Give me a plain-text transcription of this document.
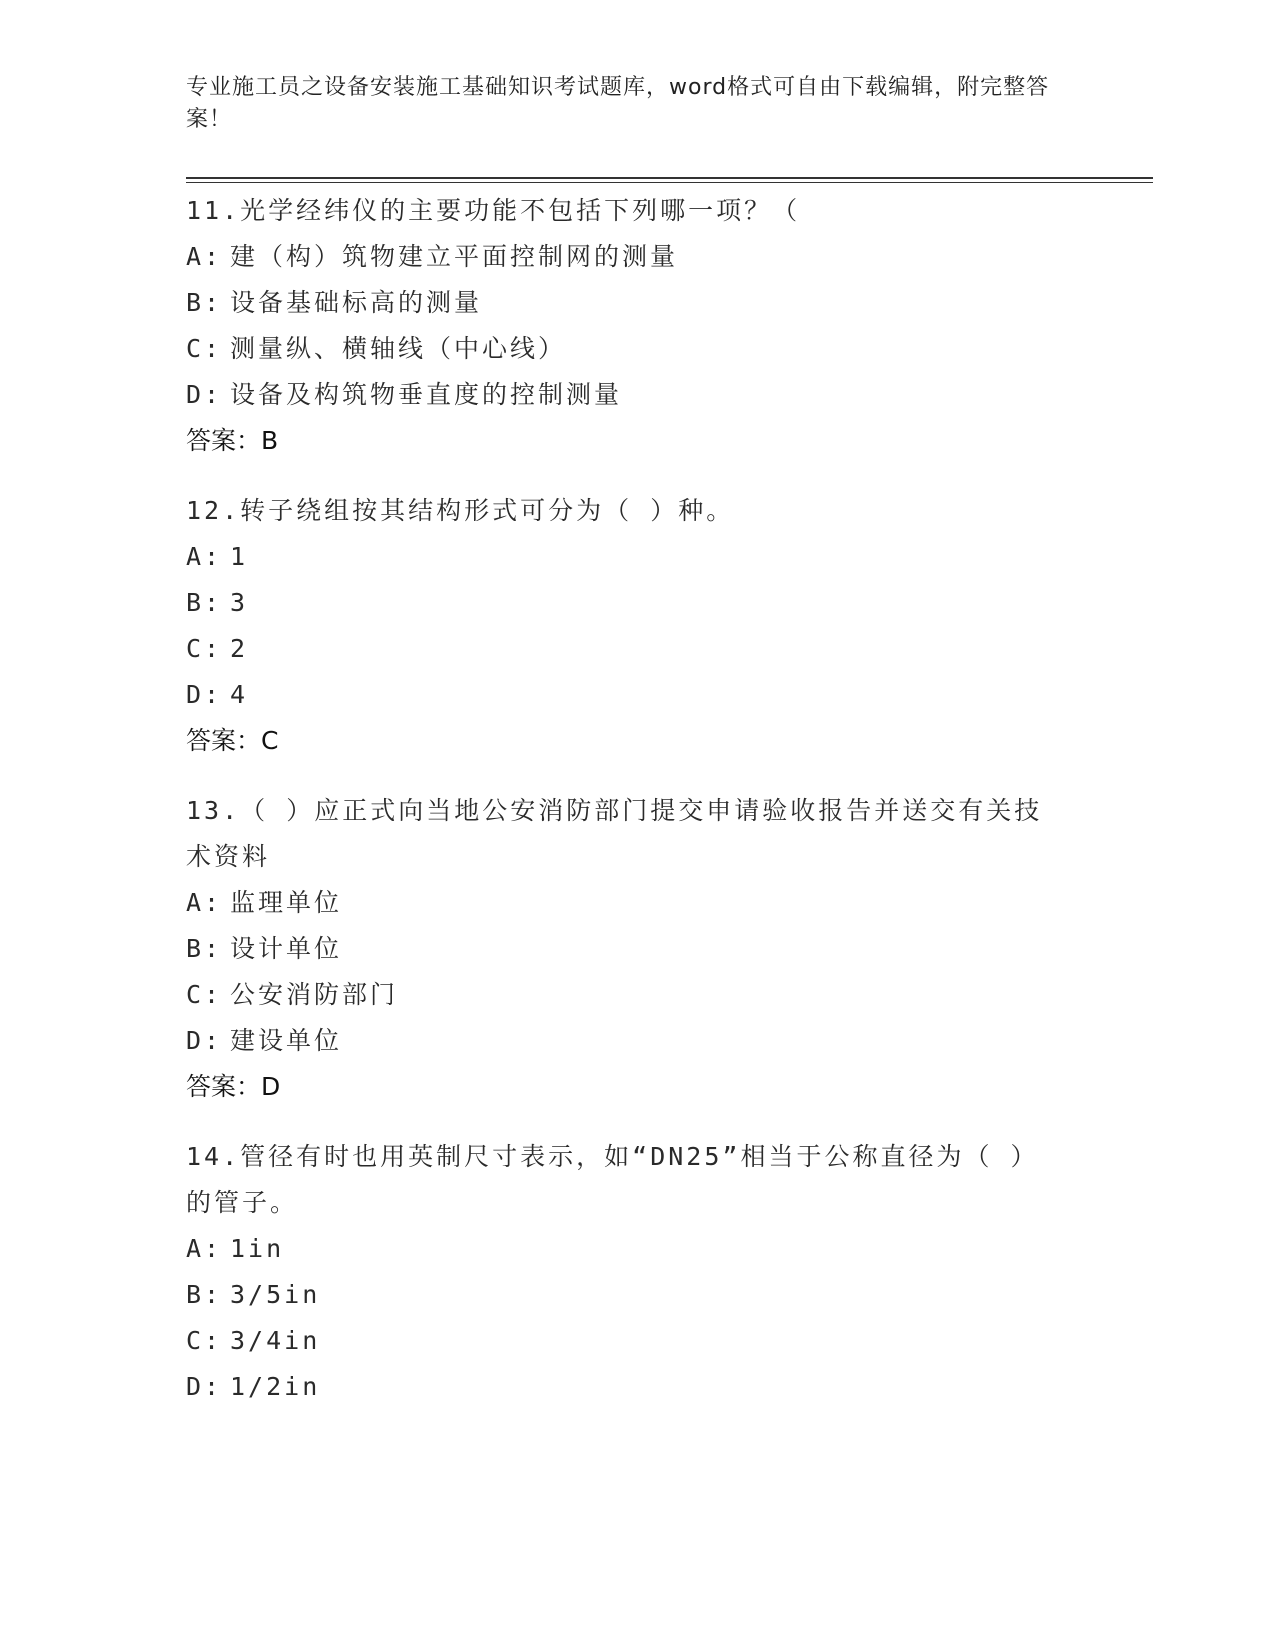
专业施工员之设备安装施工基础知识考试题库，word格式可自由下载编辑，附完整答案！
11.光学经纬仪的主要功能不包括下列哪一项？（
A: 建（构）筑物建立平面控制网的测量
B: 设备基础标高的测量
C: 测量纵、横轴线（中心线）
D: 设备及构筑物垂直度的控制测量
答案：B
12.转子绕组按其结构形式可分为（ ）种。
A: 1
B: 3
C: 2
D: 4
答案：C
13.（ ）应正式向当地公安消防部门提交申请验收报告并送交有关技术资料
A: 监理单位
B: 设计单位
C: 公安消防部门
D: 建设单位
答案：D
14.管径有时也用英制尺寸表示，如“DN25”相当于公称直径为（ ）的管子。
A: 1in
B: 3/5in
C: 3/4in
D: 1/2in
